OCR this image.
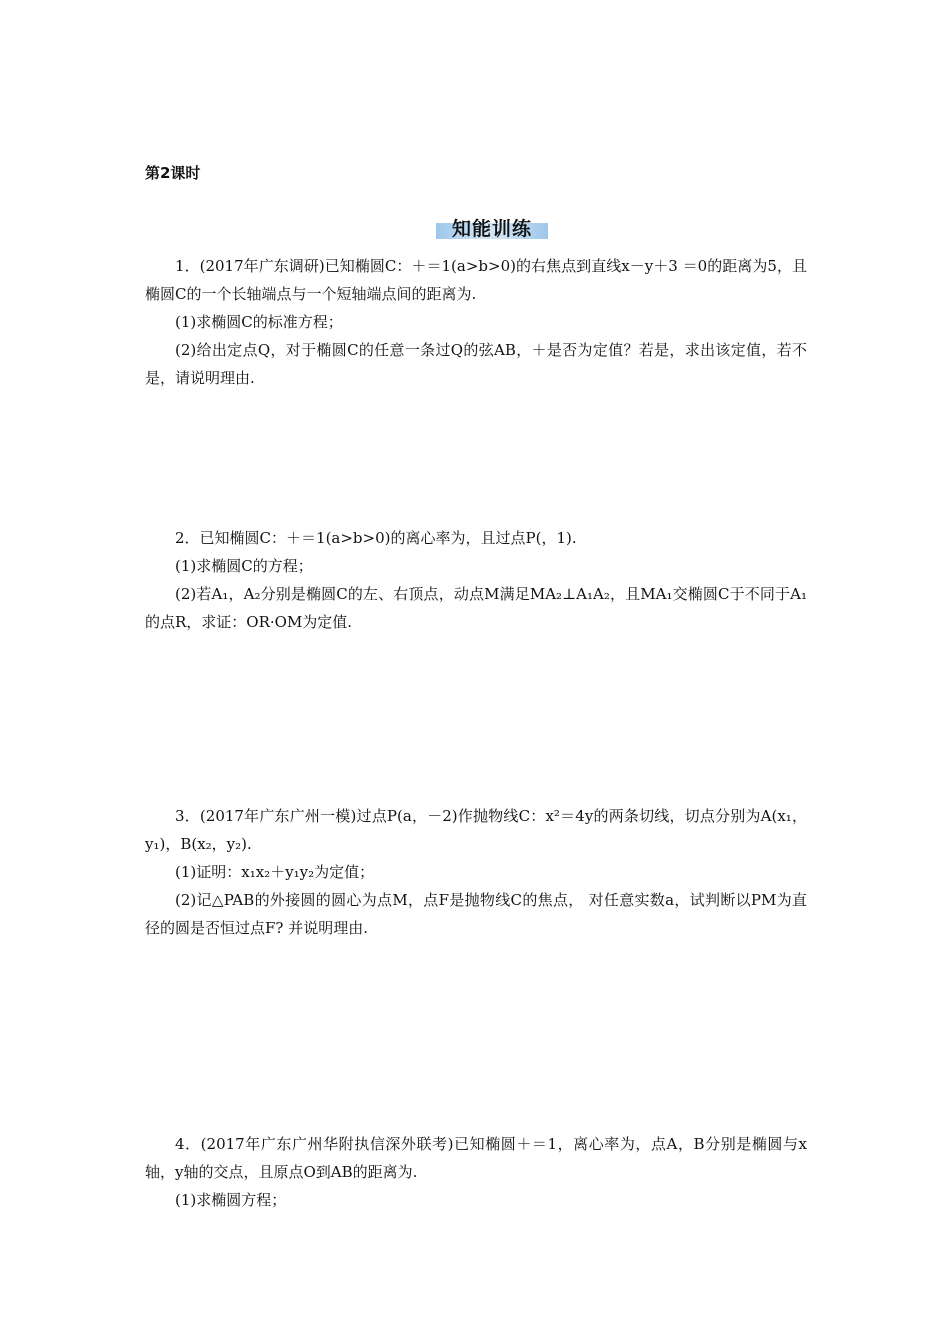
第2课时
知能训练
1．(2017年广东调研)已知椭圆C：＋＝1(a>b>0)的右焦点到直线x－y＋3 ＝0的距离为5，且椭圆C的一个长轴端点与一个短轴端点间的距离为.
(1)求椭圆C的标准方程；
(2)给出定点Q，对于椭圆C的任意一条过Q的弦AB，＋是否为定值？若是，求出该定值，若不是，请说明理由.
2．已知椭圆C：＋＝1(a>b>0)的离心率为，且过点P(，1).
(1)求椭圆C的方程；
(2)若A₁，A₂分别是椭圆C的左、右顶点，动点M满足MA₂⊥A₁A₂，且MA₁交椭圆C于不同于A₁的点R，求证：OR·OM为定值.
3．(2017年广东广州一模)过点P(a，－2)作抛物线C：x²＝4y的两条切线，切点分别为A(x₁，y₁)，B(x₂，y₂).
(1)证明：x₁x₂＋y₁y₂为定值；
(2)记△PAB的外接圆的圆心为点M，点F是抛物线C的焦点， 对任意实数a，试判断以PM为直径的圆是否恒过点F? 并说明理由.
4．(2017年广东广州华附执信深外联考)已知椭圆＋＝1，离心率为，点A，B分别是椭圆与x轴，y轴的交点，且原点O到AB的距离为.
(1)求椭圆方程；
